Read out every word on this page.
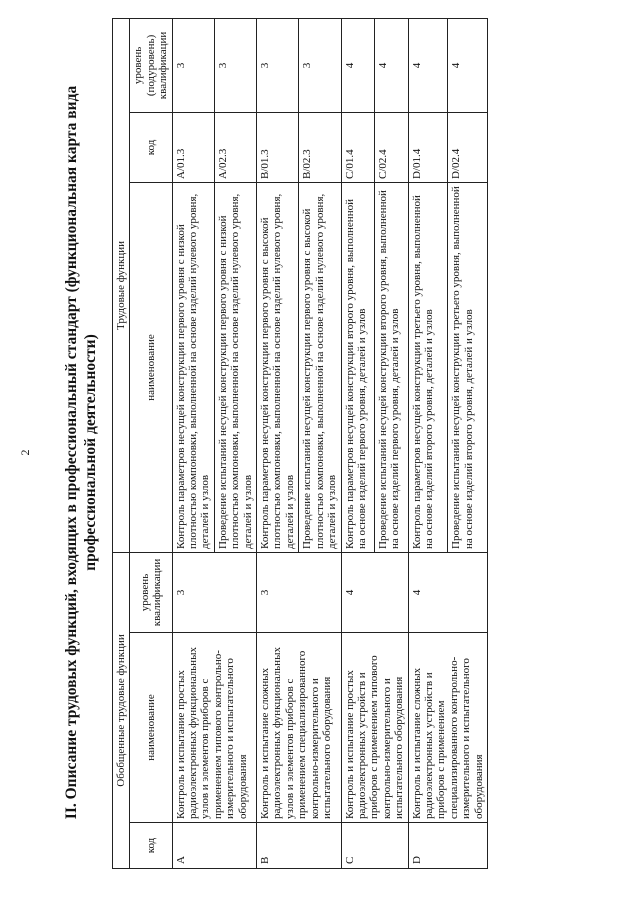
2 II. Описание трудовых функций, входящих в профессиональный стандарт (функциональная карта вида профессиональной деятельности)
Обобщенные трудовые функции			Трудовые функции		
код	наименование	уровень квалификации	наименование	код	уровень (подуровень) квалификации
A	Контроль и испытание простых радиоэлектронных функциональных узлов и элементов приборов с применением типового контрольно-измерительного и испытательного оборудования	3	Контроль параметров несущей конструкции первого уровня с низкой плотностью компоновки, выполненной на основе изделий нулевого уровня, деталей и узлов	A/01.3	3
			Проведение испытаний несущей конструкции первого уровня с низкой плотностью компоновки, выполненной на основе изделий нулевого уровня, деталей и узлов	A/02.3	3
B	Контроль и испытание сложных радиоэлектронных функциональных узлов и элементов приборов с применением специализированного контрольно-измерительного и испытательного оборудования	3	Контроль параметров несущей конструкции первого уровня с высокой плотностью компоновки, выполненной на основе изделий нулевого уровня, деталей и узлов	B/01.3	3
			Проведение испытаний несущей конструкции первого уровня с высокой плотностью компоновки, выполненной на основе изделий нулевого уровня, деталей и узлов	B/02.3	3
C	Контроль и испытание простых радиоэлектронных устройств и приборов с применением типового контрольно-измерительного и испытательного оборудования	4	Контроль параметров несущей конструкции второго уровня, выполненной на основе изделий первого уровня, деталей и узлов	C/01.4	4
			Проведение испытаний несущей конструкции второго уровня, выполненной на основе изделий первого уровня, деталей и узлов	C/02.4	4
D	Контроль и испытание сложных радиоэлектронных устройств и приборов с применением специализированного контрольно-измерительного и испытательного оборудования	4	Контроль параметров несущей конструкции третьего уровня, выполненной на основе изделий второго уровня, деталей и узлов	D/01.4	4
			Проведение испытаний несущей конструкции третьего уровня, выполненной на основе изделий второго уровня, деталей и узлов	D/02.4	4
